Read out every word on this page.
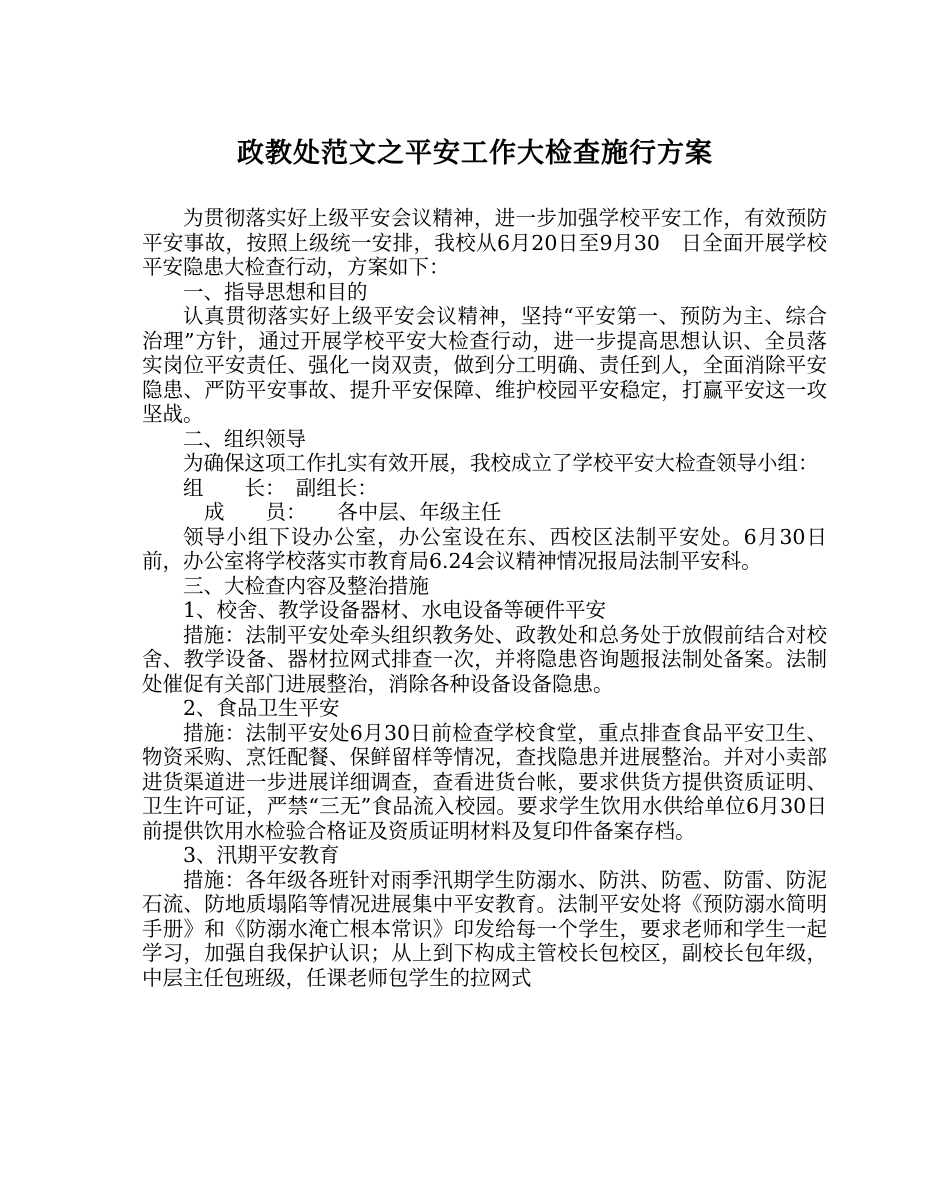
政教处范文之平安工作大检查施行方案

为贯彻落实好上级平安会议精神，进一步加强学校平安工作，有效预防平安事故，按照上级统一安排，我校从6月20日至9月30　日全面开展学校平安隐患大检查行动，方案如下：

一、指导思想和目的

认真贯彻落实好上级平安会议精神，坚持“平安第一、预防为主、综合治理”方针，通过开展学校平安大检查行动，进一步提高思想认识、全员落实岗位平安责任、强化一岗双责，做到分工明确、责任到人，全面消除平安隐患、严防平安事故、提升平安保障、维护校园平安稳定，打赢平安这一攻坚战。

二、组织领导

为确保这项工作扎实有效开展，我校成立了学校平安大检查领导小组：

组　　长：　副组长：

成　　员：　　各中层、年级主任

领导小组下设办公室，办公室设在东、西校区法制平安处。6月30日前，办公室将学校落实市教育局6.24会议精神情况报局法制平安科。

三、大检查内容及整治措施

1、校舍、教学设备器材、水电设备等硬件平安

措施：法制平安处牵头组织教务处、政教处和总务处于放假前结合对校舍、教学设备、器材拉网式排查一次，并将隐患咨询题报法制处备案。法制处催促有关部门进展整治，消除各种设备设备隐患。

2、食品卫生平安

措施：法制平安处6月30日前检查学校食堂，重点排查食品平安卫生、物资采购、烹饪配餐、保鲜留样等情况，查找隐患并进展整治。并对小卖部进货渠道进一步进展详细调查，查看进货台帐，要求供货方提供资质证明、卫生许可证，严禁“三无”食品流入校园。要求学生饮用水供给单位6月30日前提供饮用水检验合格证及资质证明材料及复印件备案存档。

3、汛期平安教育

措施：各年级各班针对雨季汛期学生防溺水、防洪、防雹、防雷、防泥石流、防地质塌陷等情况进展集中平安教育。法制平安处将《预防溺水简明手册》和《防溺水淹亡根本常识》印发给每一个学生，要求老师和学生一起学习，加强自我保护认识；从上到下构成主管校长包校区，副校长包年级，中层主任包班级，任课老师包学生的拉网式
